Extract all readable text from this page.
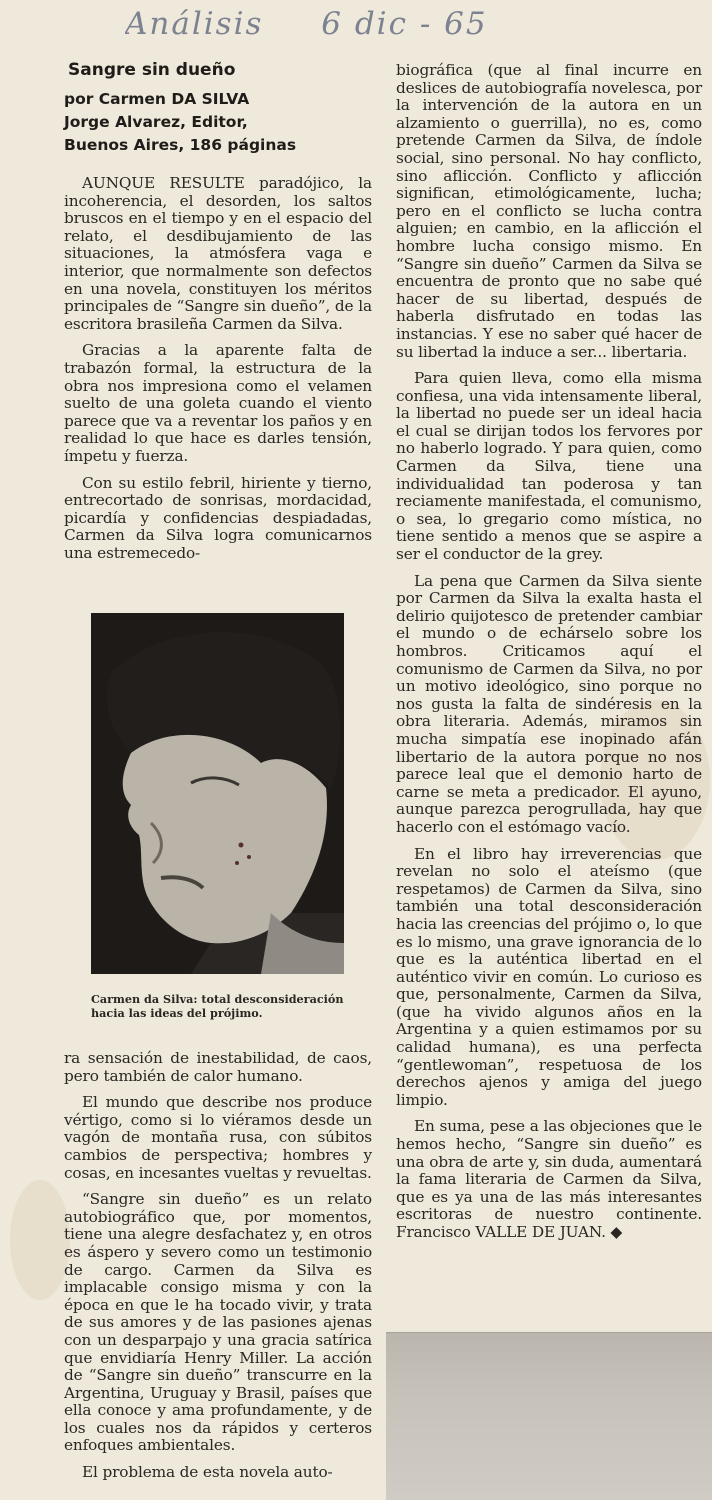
Análisis 6 dic - 65
Sangre sin dueño
por Carmen DA SILVA
Jorge Alvarez, Editor,
Buenos Aires, 186 páginas

AUNQUE RESULTE paradójico, la incoherencia, el desorden, los saltos bruscos en el tiempo y en el espacio del relato, el desdibujamiento de las situaciones, la atmósfera vaga e interior, que normalmente son defectos en una novela, constituyen los méritos principales de “Sangre sin dueño”, de la escritora brasileña Carmen da Silva.

Gracias a la aparente falta de trabazón formal, la estructura de la obra nos impresiona como el velamen suelto de una goleta cuando el viento parece que va a reventar los paños y en realidad lo que hace es darles tensión, ímpetu y fuerza.

Con su estilo febril, hiriente y tierno, entrecortado de sonrisas, mordacidad, picardía y confidencias despiadadas, Carmen da Silva logra comunicarnos una estremecedo-

Carmen da Silva: total desconsideración hacia las ideas del prójimo.

ra sensación de inestabilidad, de caos, pero también de calor humano.

El mundo que describe nos produce vértigo, como si lo viéramos desde un vagón de montaña rusa, con súbitos cambios de perspectiva; hombres y cosas, en incesantes vueltas y revueltas.

“Sangre sin dueño” es un relato autobiográfico que, por momentos, tiene una alegre desfachatez y, en otros es áspero y severo como un testimonio de cargo. Carmen da Silva es implacable consigo misma y con la época en que le ha tocado vivir, y trata de sus amores y de las pasiones ajenas con un desparpajo y una gracia satírica que envidiaría Henry Miller. La acción de “Sangre sin dueño” transcurre en la Argentina, Uruguay y Brasil, países que ella conoce y ama profundamente, y de los cuales nos da rápidos y certeros enfoques ambientales.

El problema de esta novela auto-

biográfica (que al final incurre en deslices de autobiografía novelesca, por la intervención de la autora en un alzamiento o guerrilla), no es, como pretende Carmen da Silva, de índole social, sino personal. No hay conflicto, sino aflicción. Conflicto y aflicción significan, etimológicamente, lucha; pero en el conflicto se lucha contra alguien; en cambio, en la aflicción el hombre lucha consigo mismo. En “Sangre sin dueño” Carmen da Silva se encuentra de pronto que no sabe qué hacer de su libertad, después de haberla disfrutado en todas las instancias. Y ese no saber qué hacer de su libertad la induce a ser... libertaria.

Para quien lleva, como ella misma confiesa, una vida intensamente liberal, la libertad no puede ser un ideal hacia el cual se dirijan todos los fervores por no haberlo logrado. Y para quien, como Carmen da Silva, tiene una individualidad tan poderosa y tan reciamente manifestada, el comunismo, o sea, lo gregario como mística, no tiene sentido a menos que se aspire a ser el conductor de la grey.

La pena que Carmen da Silva siente por Carmen da Silva la exalta hasta el delirio quijotesco de pretender cambiar el mundo o de echárselo sobre los hombros. Criticamos aquí el comunismo de Carmen da Silva, no por un motivo ideológico, sino porque no nos gusta la falta de sindéresis en la obra literaria. Además, miramos sin mucha simpatía ese inopinado afán libertario de la autora porque no nos parece leal que el demonio harto de carne se meta a predicador. El ayuno, aunque parezca perogrullada, hay que hacerlo con el estómago vacío.

En el libro hay irreverencias que revelan no solo el ateísmo (que respetamos) de Carmen da Silva, sino también una total desconsideración hacia las creencias del prójimo o, lo que es lo mismo, una grave ignorancia de lo que es la auténtica libertad en el auténtico vivir en común. Lo curioso es que, personalmente, Carmen da Silva, (que ha vivido algunos años en la Argentina y a quien estimamos por su calidad humana), es una perfecta “gentlewoman”, respetuosa de los derechos ajenos y amiga del juego limpio.

En suma, pese a las objeciones que le hemos hecho, “Sangre sin dueño” es una obra de arte y, sin duda, aumentará la fama literaria de Carmen da Silva, que es ya una de las más interesantes escritoras de nuestro continente. Francisco VALLE DE JUAN. ◆
